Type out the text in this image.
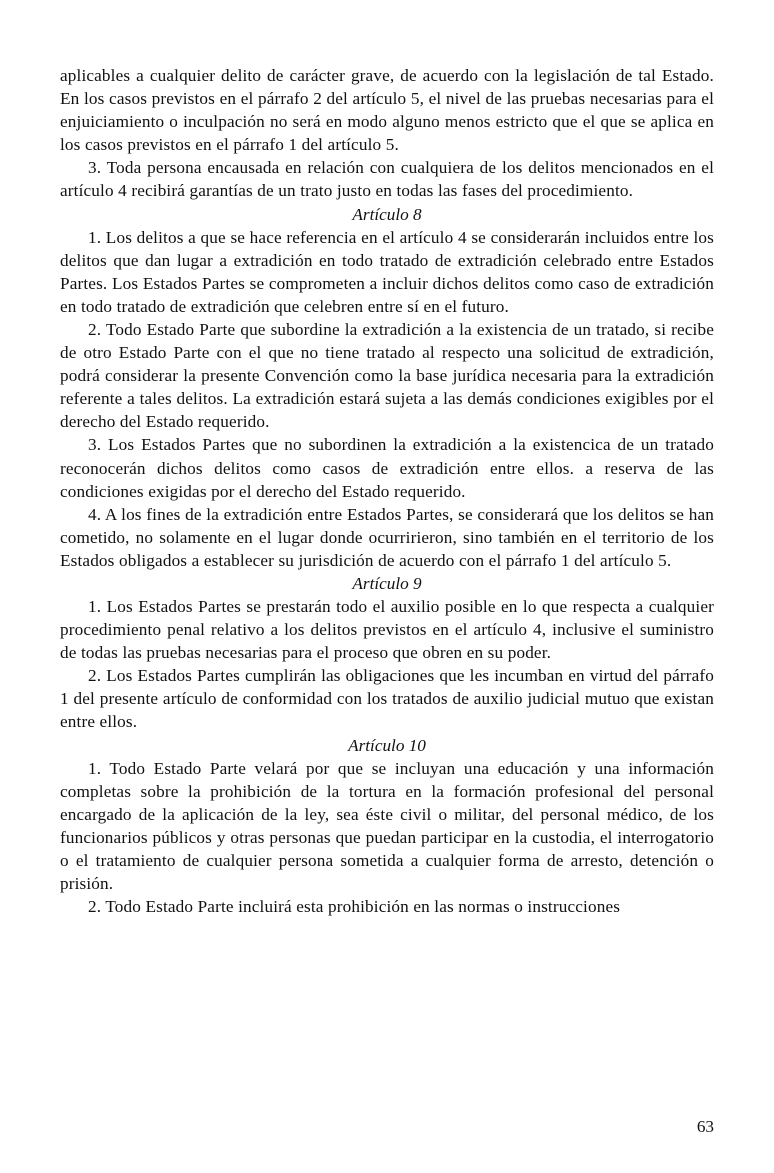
aplicables a cualquier delito de carácter grave, de acuerdo con la legislación de tal Estado. En los casos previstos en el párrafo 2 del artículo 5, el nivel de las pruebas necesarias para el enjuiciamiento o inculpación no será en modo alguno menos estricto que el que se aplica en los casos previstos en el párrafo 1 del artículo 5.

3. Toda persona encausada en relación con cualquiera de los delitos mencionados en el artículo 4 recibirá garantías de un trato justo en todas las fases del procedimiento.

Artículo 8

1. Los delitos a que se hace referencia en el artículo 4 se considerarán incluidos entre los delitos que dan lugar a extradición en todo tratado de extradición celebrado entre Estados Partes. Los Estados Partes se comprometen a incluir dichos delitos como caso de extradición en todo tratado de extradición que celebren entre sí en el futuro.

2. Todo Estado Parte que subordine la extradición a la existencia de un tratado, si recibe de otro Estado Parte con el que no tiene tratado al respecto una solicitud de extradición, podrá considerar la presente Convención como la base jurídica necesaria para la extradición referente a tales delitos. La extradición estará sujeta a las demás condiciones exigibles por el derecho del Estado requerido.

3. Los Estados Partes que no subordinen la extradición a la existencica de un tratado reconocerán dichos delitos como casos de extradición entre ellos. a reserva de las condiciones exigidas por el derecho del Estado requerido.

4. A los fines de la extradición entre Estados Partes, se considerará que los delitos se han cometido, no solamente en el lugar donde ocurririeron, sino también en el territorio de los Estados obligados a establecer su jurisdición de acuerdo con el párrafo 1 del artículo 5.

Artículo 9

1. Los Estados Partes se prestarán todo el auxilio posible en lo que respecta a cualquier procedimiento penal relativo a los delitos previstos en el artículo 4, inclusive el suministro de todas las pruebas necesarias para el proceso que obren en su poder.

2. Los Estados Partes cumplirán las obligaciones que les incumban en virtud del párrafo 1 del presente artículo de conformidad con los tratados de auxilio judicial mutuo que existan entre ellos.

Artículo 10

1. Todo Estado Parte velará por que se incluyan una educación y una información completas sobre la prohibición de la tortura en la formación profesional del personal encargado de la aplicación de la ley, sea éste civil o militar, del personal médico, de los funcionarios públicos y otras personas que puedan participar en la custodia, el interrogatorio o el tratamiento de cualquier persona sometida a cualquier forma de arresto, detención o prisión.

2. Todo Estado Parte incluirá esta prohibición en las normas o instrucciones

63
